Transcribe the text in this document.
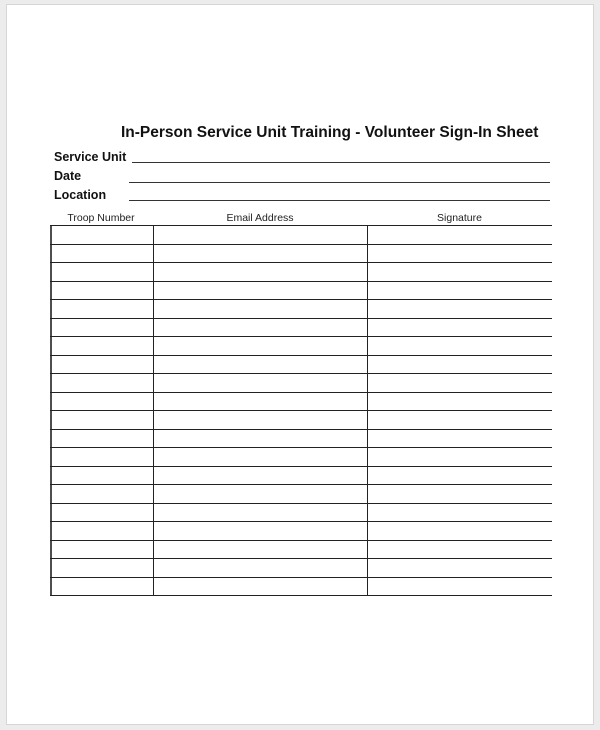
In-Person Service Unit Training - Volunteer Sign-In Sheet
Service Unit
Date
Location
Troop Number	Email Address	Signature
